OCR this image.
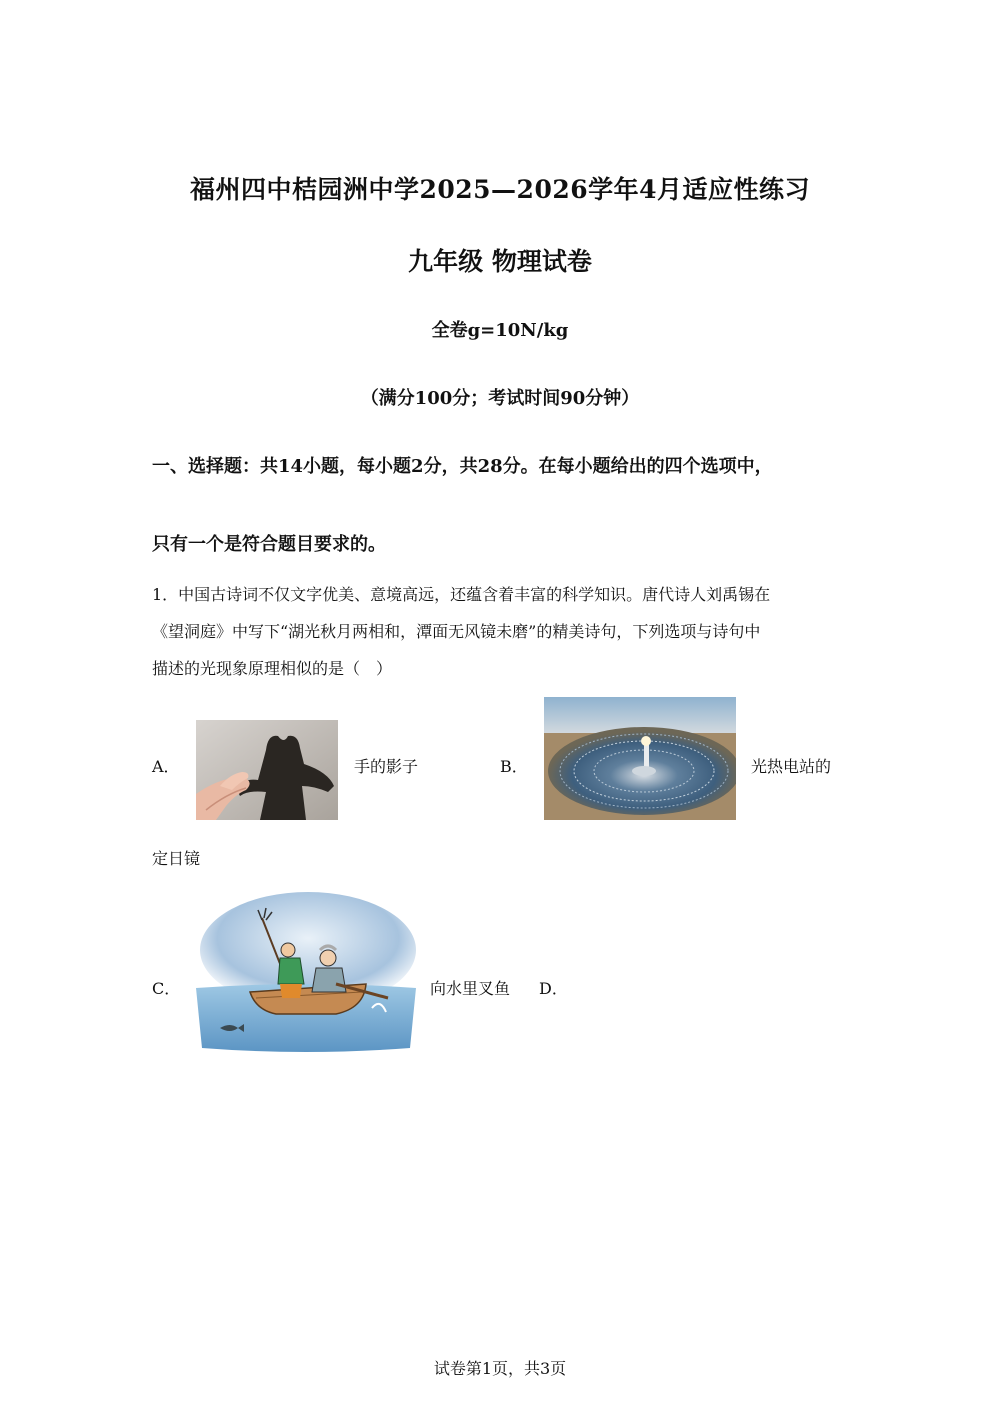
福州四中桔园洲中学2025—2026学年4月适应性练习
九年级 物理试卷
全卷g=10N/kg
（满分100分；考试时间90分钟）
一、选择题：共14小题，每小题2分，共28分。在每小题给出的四个选项中，
只有一个是符合题目要求的。
1．中国古诗词不仅文字优美、意境高远，还蕴含着丰富的科学知识。唐代诗人刘禹锡在
《望洞庭》中写下“湖光秋月两相和，潭面无风镜未磨”的精美诗句，下列选项与诗句中
描述的光现象原理相似的是（　）
A．	手的影子	B．	光热电站的
定日镜
C．	向水里叉鱼 D．
试卷第1页，共3页
